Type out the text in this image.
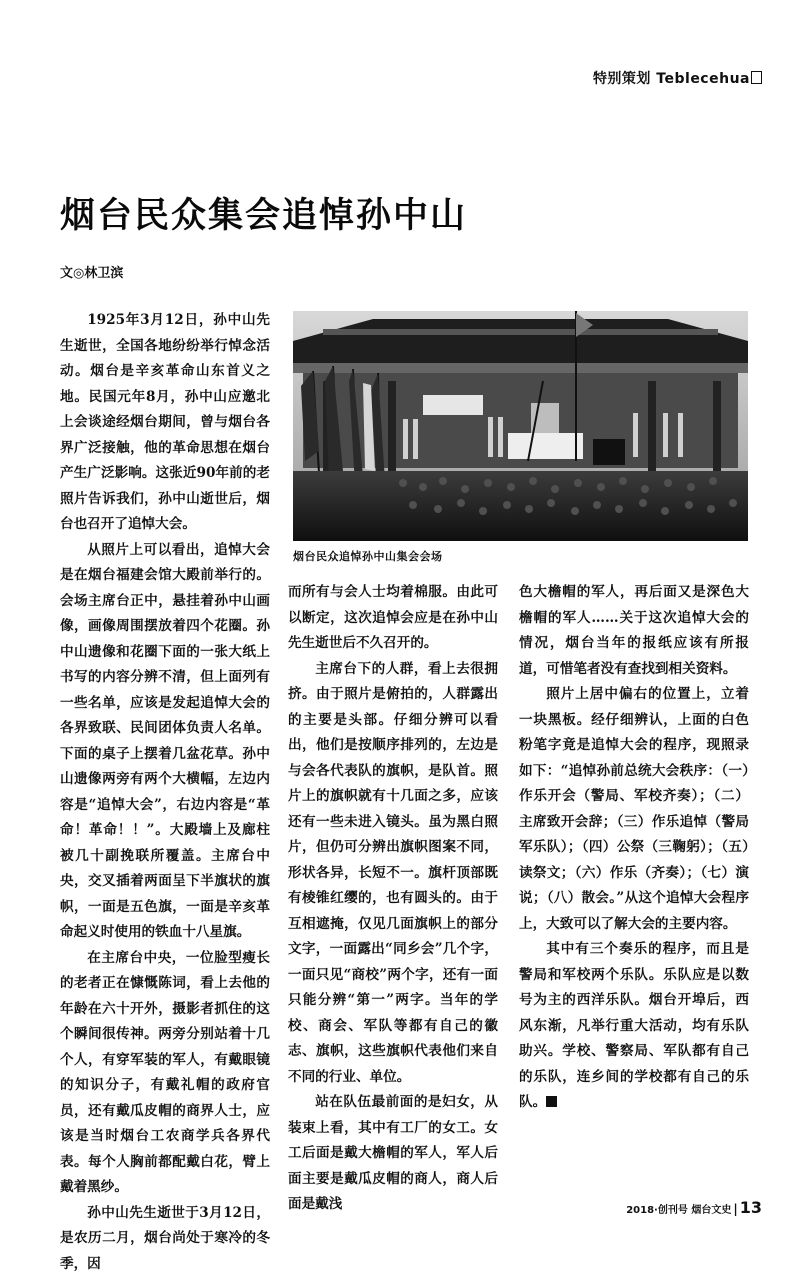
特别策划 Teblecehua
烟台民众集会追悼孙中山
文◎林卫滨

1925年3月12日，孙中山先生逝世，全国各地纷纷举行悼念活动。烟台是辛亥革命山东首义之地。民国元年8月，孙中山应邀北上会谈途经烟台期间，曾与烟台各界广泛接触，他的革命思想在烟台产生广泛影响。这张近90年前的老照片告诉我们，孙中山逝世后，烟台也召开了追悼大会。

从照片上可以看出，追悼大会是在烟台福建会馆大殿前举行的。会场主席台正中，悬挂着孙中山画像，画像周围摆放着四个花圈。孙中山遗像和花圈下面的一张大纸上书写的内容分辨不清，但上面列有一些名单，应该是发起追悼大会的各界致联、民间团体负责人名单。下面的桌子上摆着几盆花草。孙中山遗像两旁有两个大横幅，左边内容是“追悼大会”，右边内容是“革命！革命！！”。大殿墙上及廊柱被几十副挽联所覆盖。主席台中央，交叉插着两面呈下半旗状的旗帜，一面是五色旗，一面是辛亥革命起义时使用的铁血十八星旗。

在主席台中央，一位脸型瘦长的老者正在慷慨陈词，看上去他的年龄在六十开外，摄影者抓住的这个瞬间很传神。两旁分别站着十几个人，有穿军装的军人，有戴眼镜的知识分子，有戴礼帽的政府官员，还有戴瓜皮帽的商界人士，应该是当时烟台工农商学兵各界代表。每个人胸前都配戴白花，臂上戴着黑纱。

孙中山先生逝世于3月12日，是农历二月，烟台尚处于寒冷的冬季，因

烟台民众追悼孙中山集会会场

而所有与会人士均着棉服。由此可以断定，这次追悼会应是在孙中山先生逝世后不久召开的。

主席台下的人群，看上去很拥挤。由于照片是俯拍的，人群露出的主要是头部。仔细分辨可以看出，他们是按顺序排列的，左边是与会各代表队的旗帜，是队首。照片上的旗帜就有十几面之多，应该还有一些未进入镜头。虽为黑白照片，但仍可分辨出旗帜图案不同，形状各异，长短不一。旗杆顶部既有棱锥红缨的，也有圆头的。由于互相遮掩，仅见几面旗帜上的部分文字，一面露出“同乡会”几个字，一面只见“商校”两个字，还有一面只能分辨“第一”两字。当年的学校、商会、军队等都有自己的徽志、旗帜，这些旗帜代表他们来自不同的行业、单位。

站在队伍最前面的是妇女，从装束上看，其中有工厂的女工。女工后面是戴大檐帽的军人，军人后面主要是戴瓜皮帽的商人，商人后面是戴浅

色大檐帽的军人，再后面又是深色大檐帽的军人……关于这次追悼大会的情况，烟台当年的报纸应该有所报道，可惜笔者没有查找到相关资料。

照片上居中偏右的位置上，立着一块黑板。经仔细辨认，上面的白色粉笔字竟是追悼大会的程序，现照录如下：“追悼孙前总统大会秩序：（一）作乐开会（警局、军校齐奏）；（二）主席致开会辞；（三）作乐追悼（警局军乐队）；（四）公祭（三鞠躬）；（五）读祭文；（六）作乐（齐奏）；（七）演说；（八）散会。”从这个追悼大会程序上，大致可以了解大会的主要内容。

其中有三个奏乐的程序，而且是警局和军校两个乐队。乐队应是以数号为主的西洋乐队。烟台开埠后，西风东渐，凡举行重大活动，均有乐队助兴。学校、警察局、军队都有自己的乐队，连乡间的学校都有自己的乐队。

2018·创刊号 烟台文史 | 13
